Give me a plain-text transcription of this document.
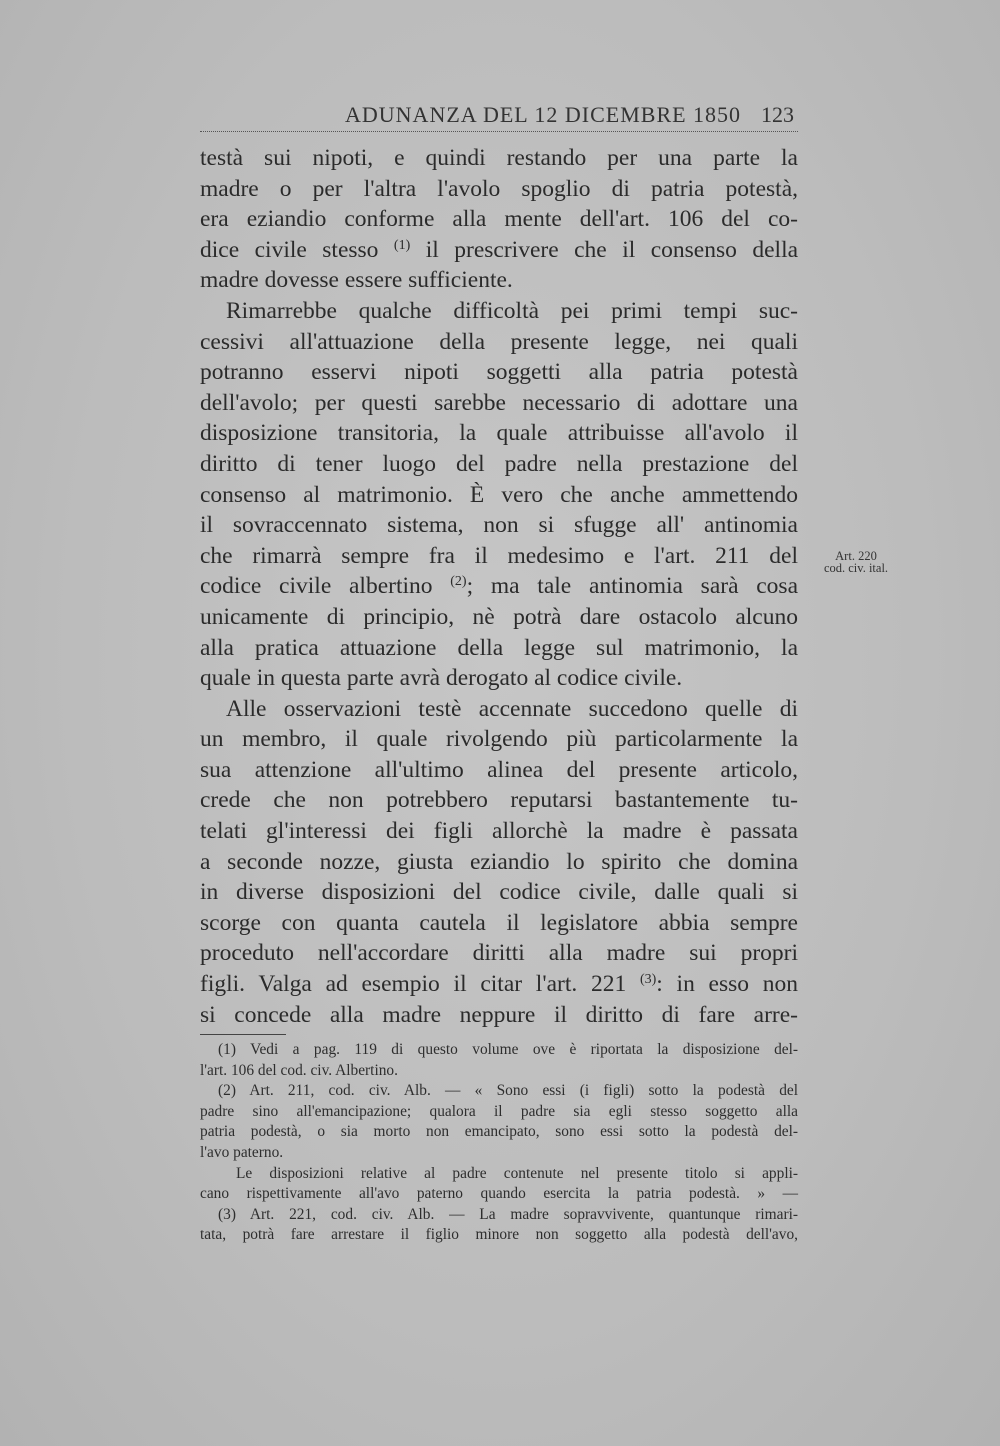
ADUNANZA DEL 12 DICEMBRE 1850 123
testà sui nipoti, e quindi restando per una parte la
madre o per l'altra l'avolo spoglio di patria potestà,
era eziandio conforme alla mente dell'art. 106 del co-
dice civile stesso $^{(1)}$ il prescrivere che il consenso della
madre dovesse essere sufficiente.
Rimarrebbe qualche difficoltà pei primi tempi suc-
cessivi all'attuazione della presente legge, nei quali
potranno esservi nipoti soggetti alla patria potestà
dell'avolo; per questi sarebbe necessario di adottare una
disposizione transitoria, la quale attribuisse all'avolo il
diritto di tener luogo del padre nella prestazione del
consenso al matrimonio. È vero che anche ammettendo
il sovraccennato sistema, non si sfugge all' antinomia
che rimarrà sempre fra il medesimo e l'art. 211 del
codice civile albertino $^{(2)}$; ma tale antinomia sarà cosa
unicamente di principio, nè potrà dare ostacolo alcuno
alla pratica attuazione della legge sul matrimonio, la
quale in questa parte avrà derogato al codice civile.
Alle osservazioni testè accennate succedono quelle di
un membro, il quale rivolgendo più particolarmente la
sua attenzione all'ultimo alinea del presente articolo,
crede che non potrebbero reputarsi bastantemente tu-
telati gl'interessi dei figli allorchè la madre è passata
a seconde nozze, giusta eziandio lo spirito che domina
in diverse disposizioni del codice civile, dalle quali si
scorge con quanta cautela il legislatore abbia sempre
proceduto nell'accordare diritti alla madre sui propri
figli. Valga ad esempio il citar l'art. 221 $^{(3)}$: in esso non
si concede alla madre neppure il diritto di fare arre-
Art. 220
cod. civ. ital.
(1) Vedi a pag. 119 di questo volume ove è riportata la disposizione del-
l'art. 106 del cod. civ. Albertino.
(2) Art. 211, cod. civ. Alb. — « Sono essi (i figli) sotto la podestà del
padre sino all'emancipazione; qualora il padre sia egli stesso soggetto alla
patria podestà, o sia morto non emancipato, sono essi sotto la podestà del-
l'avo paterno.
Le disposizioni relative al padre contenute nel presente titolo si appli-
cano rispettivamente all'avo paterno quando esercita la patria podestà. » —
(3) Art. 221, cod. civ. Alb. — La madre sopravvivente, quantunque rimari-
tata, potrà fare arrestare il figlio minore non soggetto alla podestà dell'avo,
